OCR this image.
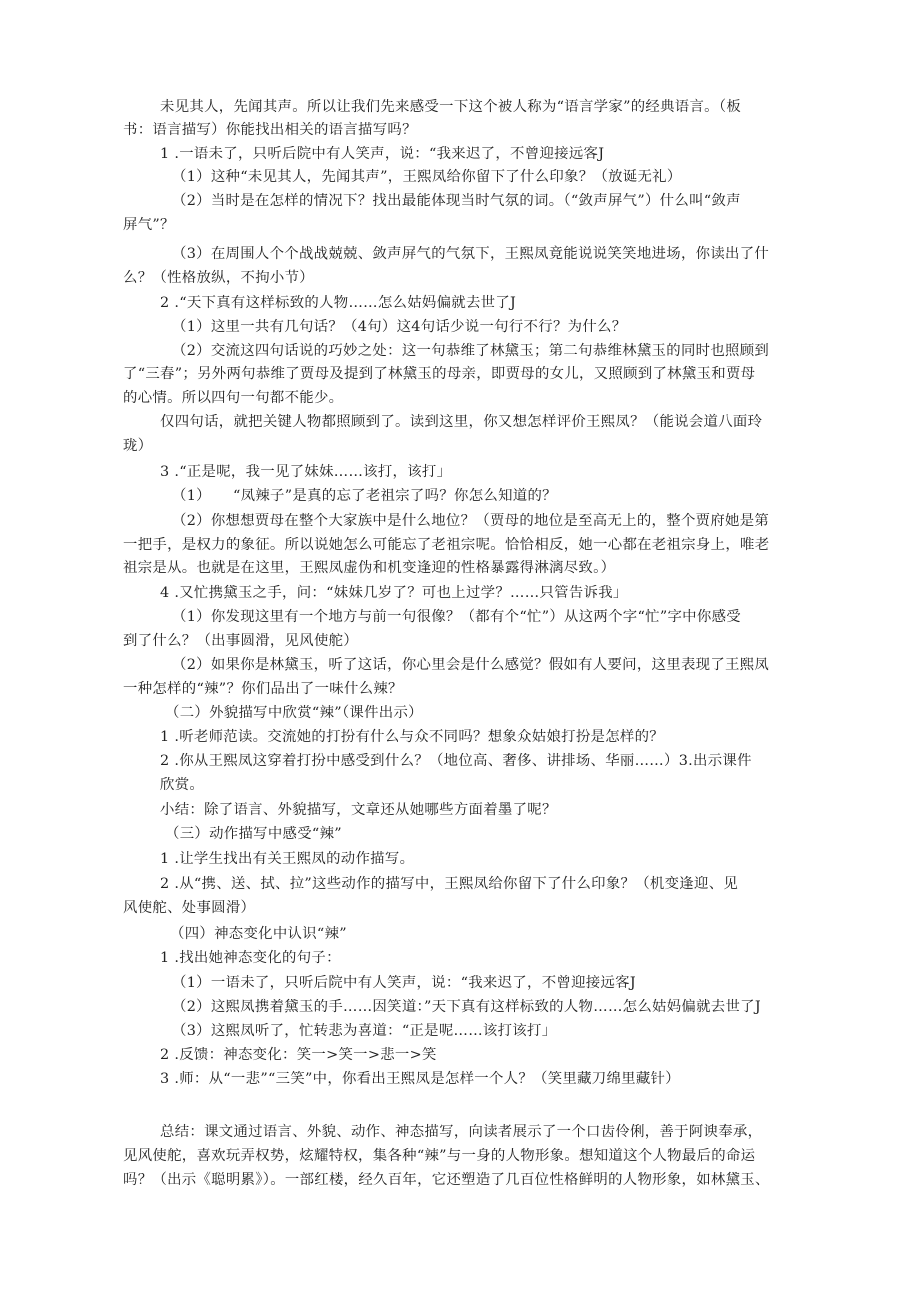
未见其人，先闻其声。所以让我们先来感受一下这个被人称为“语言学家”的经典语言。（板
书：语言描写）你能找出相关的语言描写吗？
1 .一语未了，只听后院中有人笑声，说：“我来迟了，不曾迎接远客J
（1）这种“未见其人，先闻其声”，王熙凤给你留下了什么印象？（放诞无礼）
（2）当时是在怎样的情况下？找出最能体现当时气氛的词。（“敛声屏气”）什么叫“敛声
屏气”？
（3）在周围人个个战战兢兢、敛声屏气的气氛下，王熙凤竟能说说笑笑地进场，你读出了什
么？（性格放纵，不拘小节）
2 .“天下真有这样标致的人物……怎么姑妈偏就去世了J
（1）这里一共有几句话？（4句）这4句话少说一句行不行？为什么？
（2）交流这四句话说的巧妙之处：这一句恭维了林黛玉；第二句恭维林黛玉的同时也照顾到
了“三春”；另外两句恭维了贾母及提到了林黛玉的母亲，即贾母的女儿，又照顾到了林黛玉和贾母
的心情。所以四句一句都不能少。
仅四句话，就把关键人物都照顾到了。读到这里，你又想怎样评价王熙凤？（能说会道八面玲
珑）
3 .“正是呢，我一见了妹妹……该打，该打」
（1）　　“凤辣子”是真的忘了老祖宗了吗？你怎么知道的？
（2）你想想贾母在整个大家族中是什么地位？（贾母的地位是至高无上的，整个贾府她是第
一把手，是权力的象征。所以说她怎么可能忘了老祖宗呢。恰恰相反，她一心都在老祖宗身上，唯老
祖宗是从。也就是在这里，王熙凤虚伪和机变逢迎的性格暴露得淋漓尽致。）
4 .又忙携黛玉之手，问：“妹妹几岁了？可也上过学？……只管告诉我」
（1）你发现这里有一个地方与前一句很像？（都有个“忙”）从这两个字“忙”字中你感受
到了什么？（出事圆滑，见风使舵）
（2）如果你是林黛玉，听了这话，你心里会是什么感觉？假如有人要问，这里表现了王熙凤
一种怎样的“辣”？你们品出了一味什么辣？
（二）外貌描写中欣赏“辣”（课件出示）
1 .听老师范读。交流她的打扮有什么与众不同吗？想象众姑娘打扮是怎样的？
2 .你从王熙凤这穿着打扮中感受到什么？（地位高、奢侈、讲排场、华丽……）3.出示课件
欣赏。
小结：除了语言、外貌描写，文章还从她哪些方面着墨了呢？
（三）动作描写中感受“辣”
1 .让学生找出有关王熙凤的动作描写。
2 .从“携、送、拭、拉”这些动作的描写中，王熙凤给你留下了什么印象？（机变逢迎、见
风使舵、处事圆滑）
（四）神态变化中认识“辣”
1 .找出她神态变化的句子：
（1）一语未了，只听后院中有人笑声，说：“我来迟了，不曾迎接远客J
（2）这熙凤携着黛玉的手……因笑道：”天下真有这样标致的人物……怎么姑妈偏就去世了J
（3）这熙凤听了，忙转悲为喜道：“正是呢……该打该打」
2 .反馈：神态变化：笑一>笑一>悲一>笑
3 .师：从“一悲”“三笑”中，你看出王熙凤是怎样一个人？（笑里藏刀绵里藏针）
总结：课文通过语言、外貌、动作、神态描写，向读者展示了一个口齿伶俐，善于阿谀奉承，
见风使舵，喜欢玩弄权势，炫耀特权，集各种“辣”与一身的人物形象。想知道这个人物最后的命运
吗？（出示《聪明累》）。一部红楼，经久百年，它还塑造了几百位性格鲜明的人物形象，如林黛玉、
